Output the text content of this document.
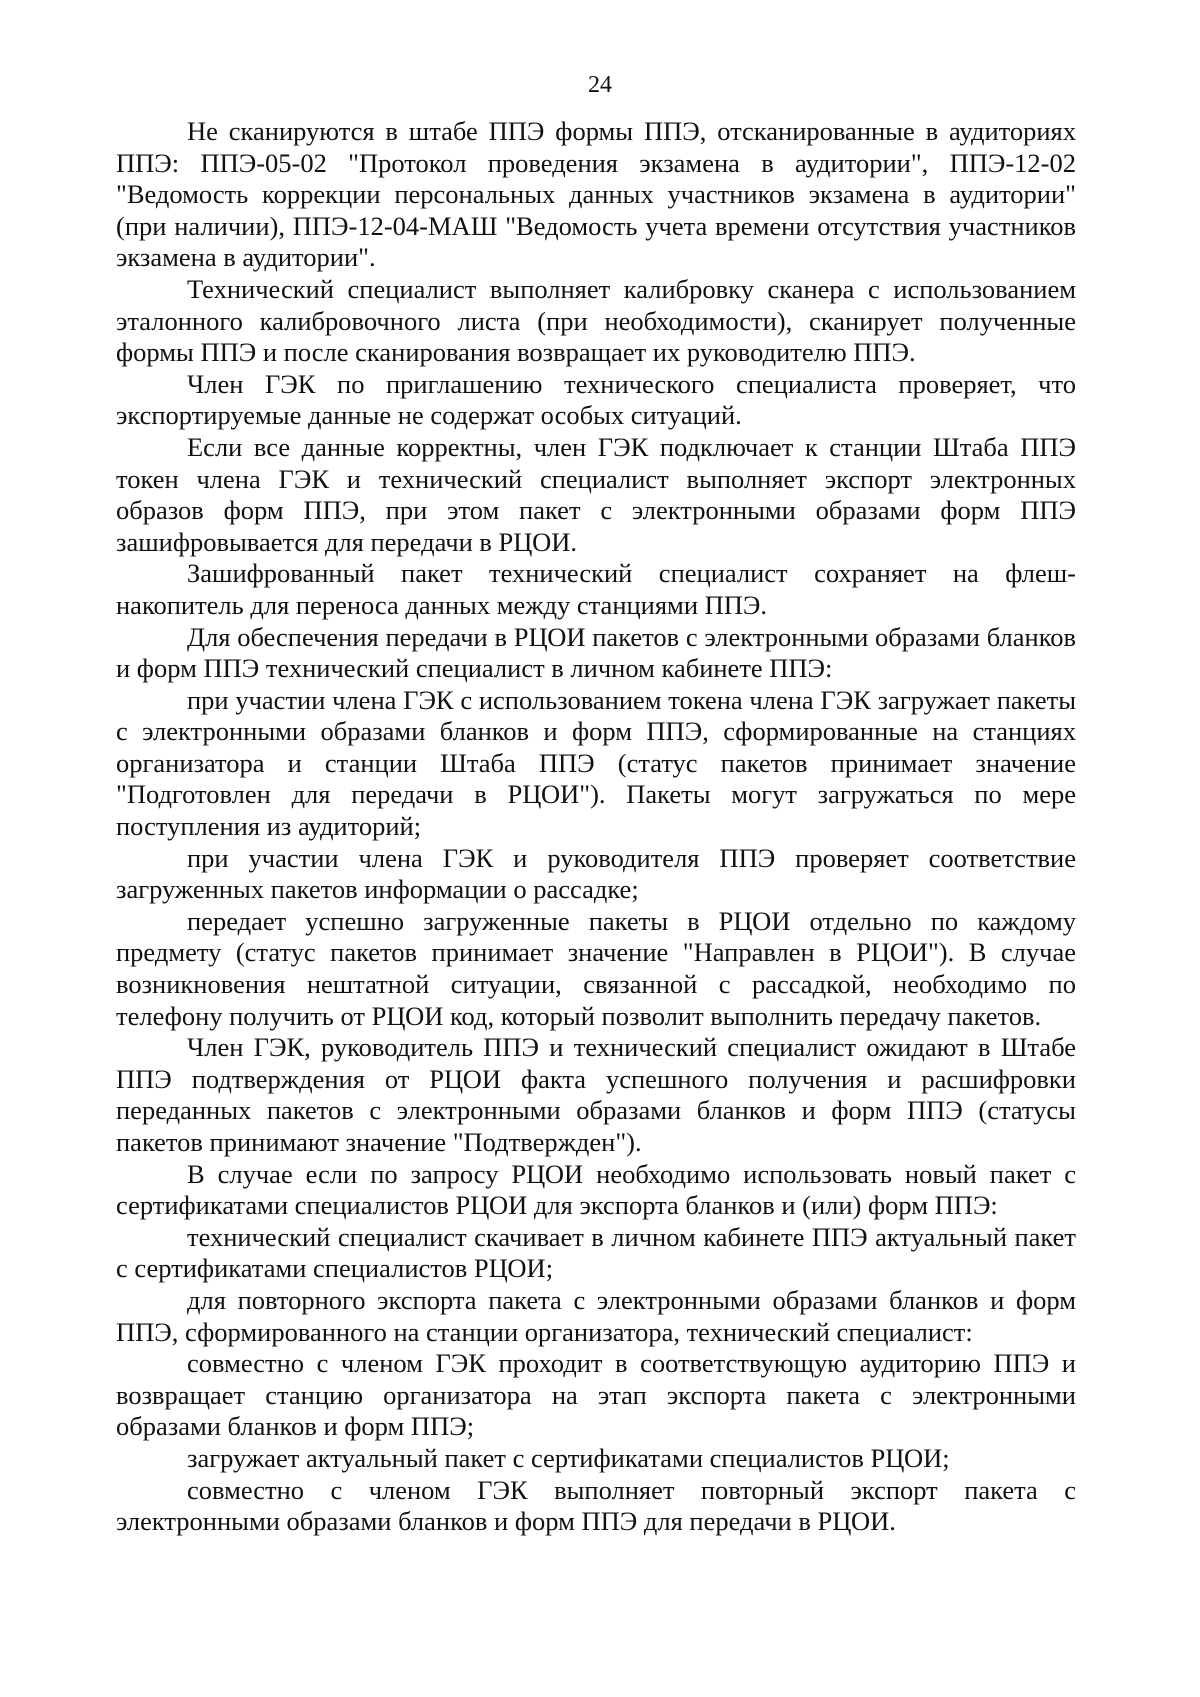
24

Не сканируются в штабе ППЭ формы ППЭ, отсканированные в аудиториях ППЭ: ППЭ-05-02 "Протокол проведения экзамена в аудитории", ППЭ-12-02 "Ведомость коррекции персональных данных участников экзамена в аудитории" (при наличии), ППЭ-12-04-МАШ "Ведомость учета времени отсутствия участников экзамена в аудитории".

Технический специалист выполняет калибровку сканера с использованием эталонного калибровочного листа (при необходимости), сканирует полученные формы ППЭ и после сканирования возвращает их руководителю ППЭ.

Член ГЭК по приглашению технического специалиста проверяет, что экспортируемые данные не содержат особых ситуаций.

Если все данные корректны, член ГЭК подключает к станции Штаба ППЭ токен члена ГЭК и технический специалист выполняет экспорт электронных образов форм ППЭ, при этом пакет с электронными образами форм ППЭ зашифровывается для передачи в РЦОИ.

Зашифрованный пакет технический специалист сохраняет на флеш-накопитель для переноса данных между станциями ППЭ.

Для обеспечения передачи в РЦОИ пакетов с электронными образами бланков и форм ППЭ технический специалист в личном кабинете ППЭ:

при участии члена ГЭК с использованием токена члена ГЭК загружает пакеты с электронными образами бланков и форм ППЭ, сформированные на станциях организатора и станции Штаба ППЭ (статус пакетов принимает значение "Подготовлен для передачи в РЦОИ"). Пакеты могут загружаться по мере поступления из аудиторий;

при участии члена ГЭК и руководителя ППЭ проверяет соответствие загруженных пакетов информации о рассадке;

передает успешно загруженные пакеты в РЦОИ отдельно по каждому предмету (статус пакетов принимает значение "Направлен в РЦОИ"). В случае возникновения нештатной ситуации, связанной с рассадкой, необходимо по телефону получить от РЦОИ код, который позволит выполнить передачу пакетов.

Член ГЭК, руководитель ППЭ и технический специалист ожидают в Штабе ППЭ подтверждения от РЦОИ факта успешного получения и расшифровки переданных пакетов с электронными образами бланков и форм ППЭ (статусы пакетов принимают значение "Подтвержден").

В случае если по запросу РЦОИ необходимо использовать новый пакет с сертификатами специалистов РЦОИ для экспорта бланков и (или) форм ППЭ:

технический специалист скачивает в личном кабинете ППЭ актуальный пакет с сертификатами специалистов РЦОИ;

для повторного экспорта пакета с электронными образами бланков и форм ППЭ, сформированного на станции организатора, технический специалист:

совместно с членом ГЭК проходит в соответствующую аудиторию ППЭ и возвращает станцию организатора на этап экспорта пакета с электронными образами бланков и форм ППЭ;

загружает актуальный пакет с сертификатами специалистов РЦОИ;

совместно с членом ГЭК выполняет повторный экспорт пакета с электронными образами бланков и форм ППЭ для передачи в РЦОИ.
